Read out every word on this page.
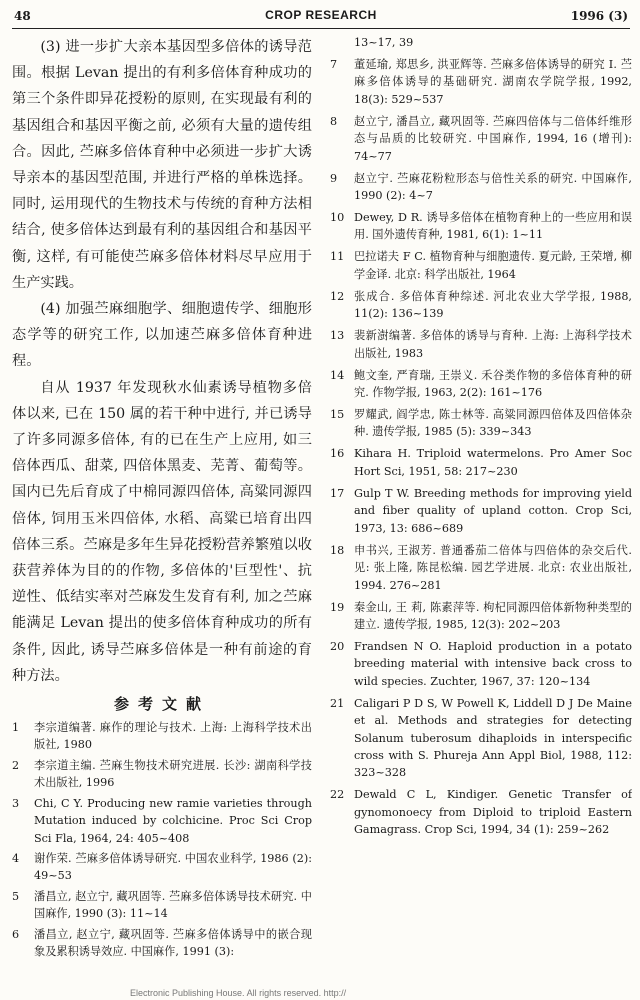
48	CROP RESEARCH	1996 (3)

(3) 进一步扩大亲本基因型多倍体的诱导范围。根据 Levan 提出的有利多倍体育种成功的第三个条件即异花授粉的原则, 在实现最有利的基因组合和基因平衡之前, 必须有大量的遗传组合。因此, 苎麻多倍体育种中必须进一步扩大诱导亲本的基因型范围, 并进行严格的单株选择。同时, 运用现代的生物技术与传统的育种方法相结合, 使多倍体达到最有利的基因组合和基因平衡, 这样, 有可能使苎麻多倍体材料尽早应用于生产实践。

(4) 加强苎麻细胞学、细胞遗传学、细胞形态学等的研究工作, 以加速苎麻多倍体育种进程。

自从 1937 年发现秋水仙素诱导植物多倍体以来, 已在 150 属的若干种中进行, 并已诱导了许多同源多倍体, 有的已在生产上应用, 如三倍体西瓜、甜菜, 四倍体黑麦、芜菁、葡萄等。国内已先后育成了中棉同源四倍体, 高粱同源四倍体, 饲用玉米四倍体, 水稻、高粱已培育出四倍体三系。苎麻是多年生异花授粉营养繁殖以收获营养体为目的的作物, 多倍体的'巨型性'、抗逆性、低结实率对苎麻发生发育有利, 加之苎麻能满足 Levan 提出的使多倍体育种成功的所有条件, 因此, 诱导苎麻多倍体是一种有前途的育种方法。

参考文献
1	李宗道编著. 麻作的理论与技术. 上海: 上海科学技术出版社, 1980
2	李宗道主编. 苎麻生物技术研究进展. 长沙: 湖南科学技术出版社, 1996
3	Chi, C Y. Producing new ramie varieties through Mutation induced by colchicine. Proc Sci Crop Sci Fla, 1964, 24: 405~408
4	谢作荣. 苎麻多倍体诱导研究. 中国农业科学, 1986 (2): 49~53
5	潘昌立, 赵立宁, 藏巩固等. 苎麻多倍体诱导技术研究. 中国麻作, 1990 (3): 11~14
6	潘昌立, 赵立宁, 藏巩固等. 苎麻多倍体诱导中的嵌合现象及累积诱导效应. 中国麻作, 1991 (3):
13~17, 39
7	董延瑜, 郑思乡, 洪亚辉等. 苎麻多倍体诱导的研究 Ⅰ. 苎麻多倍体诱导的基础研究. 湖南农学院学报, 1992, 18(3): 529~537
8	赵立宁, 潘昌立, 藏巩固等. 苎麻四倍体与二倍体纤维形态与品质的比较研究. 中国麻作, 1994, 16 (增刊): 74~77
9	赵立宁. 苎麻花粉粒形态与倍性关系的研究. 中国麻作, 1990 (2): 4~7
10 Dewey, D R. 诱导多倍体在植物育种上的一些应用和误用. 国外遗传育种, 1981, 6(1): 1~11
11 巴拉诺夫 F C. 植物育种与细胞遗传. 夏元龄, 王荣增, 柳学金译. 北京: 科学出版社, 1964
12 张成合. 多倍体育种综述. 河北农业大学学报, 1988, 11(2): 136~139
13 裴新澍编著. 多倍体的诱导与育种. 上海: 上海科学技术出版社, 1983
14 鲍文奎, 严育瑞, 王崇义. 禾谷类作物的多倍体育种的研究. 作物学报, 1963, 2(2): 161~176
15 罗耀武, 阎学忠, 陈士林等. 高粱同源四倍体及四倍体杂种. 遗传学报, 1985 (5): 339~343
16 Kihara H. Triploid watermelons. Pro Amer Soc Hort Sci, 1951, 58: 217~230
17 Gulp T W. Breeding methods for improving yield and fiber quality of upland cotton. Crop Sci, 1973, 13: 686~689
18 申书兴, 王淑芳. 普通番茄二倍体与四倍体的杂交后代. 见: 张上隆, 陈昆松编. 园艺学进展. 北京: 农业出版社, 1994. 276~281
19 秦金山, 王 莉, 陈素萍等. 枸杞同源四倍体新物种类型的建立. 遗传学报, 1985, 12(3): 202~203
20 Frandsen N O. Haploid production in a potato breeding material with intensive back cross to wild species. Zuchter, 1967, 37: 120~134
21 Caligari P D S, W Powell K, Liddell D J De Maine et al. Methods and strategies for detecting Solanum tuberosum dihaploids in interspecific cross with S. Phureja Ann Appl Biol, 1988, 112: 323~328
22 Dewald C L, Kindiger. Genetic Transfer of gynomonoecy from Diploid to triploid Eastern Gamagrass. Crop Sci, 1994, 34 (1): 259~262
Electronic Publishing House. All rights reserved. http://
